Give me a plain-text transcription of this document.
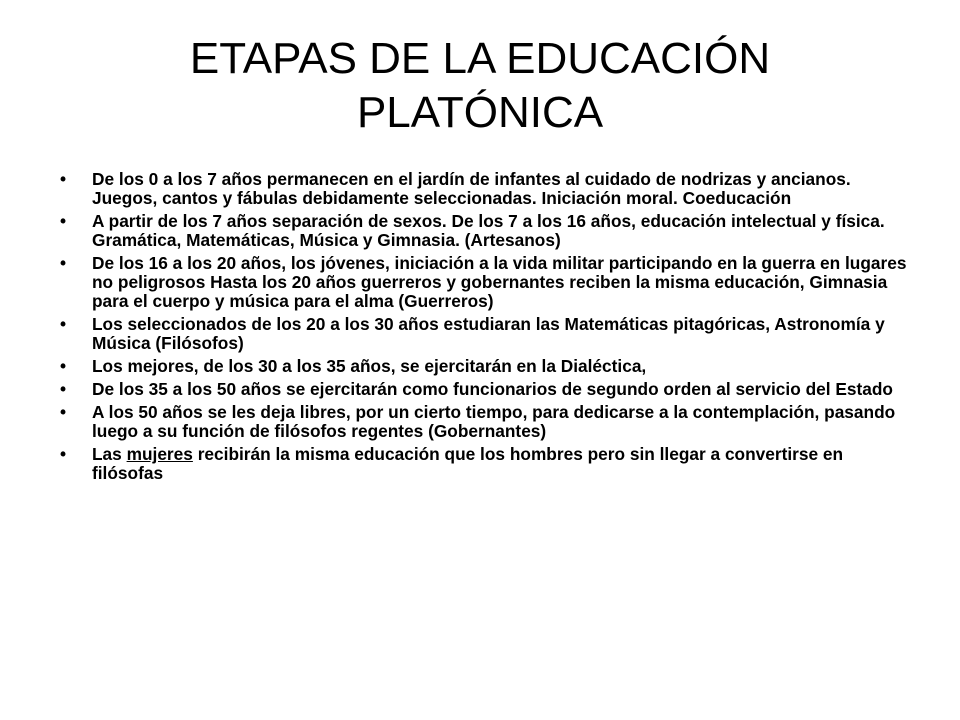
ETAPAS DE LA EDUCACIÓN
PLATÓNICA
• De los 0 a los 7 años permanecen en el jardín de infantes al cuidado de nodrizas y ancianos. Juegos, cantos y fábulas debidamente seleccionadas. Iniciación moral. Coeducación
• A partir de los 7 años separación de sexos. De los 7 a los 16 años, educación intelectual y física. Gramática, Matemáticas, Música y Gimnasia. (Artesanos)
• De los 16 a los 20 años, los jóvenes, iniciación a la vida militar participando en la guerra en lugares no peligrosos Hasta los 20 años guerreros y gobernantes reciben la misma educación, Gimnasia para el cuerpo y música para el alma (Guerreros)
• Los seleccionados de los 20 a los 30 años estudiaran las Matemáticas pitagóricas, Astronomía y Música (Filósofos)
• Los mejores, de los 30 a los 35 años, se ejercitarán en la Dialéctica,
• De los 35 a los 50 años se ejercitarán como funcionarios de segundo orden al servicio del Estado
• A los 50 años se les deja libres, por un cierto tiempo, para dedicarse a la contemplación, pasando luego a su función de filósofos regentes (Gobernantes)
• Las mujeres recibirán la misma educación que los hombres pero sin llegar a convertirse en filósofas
